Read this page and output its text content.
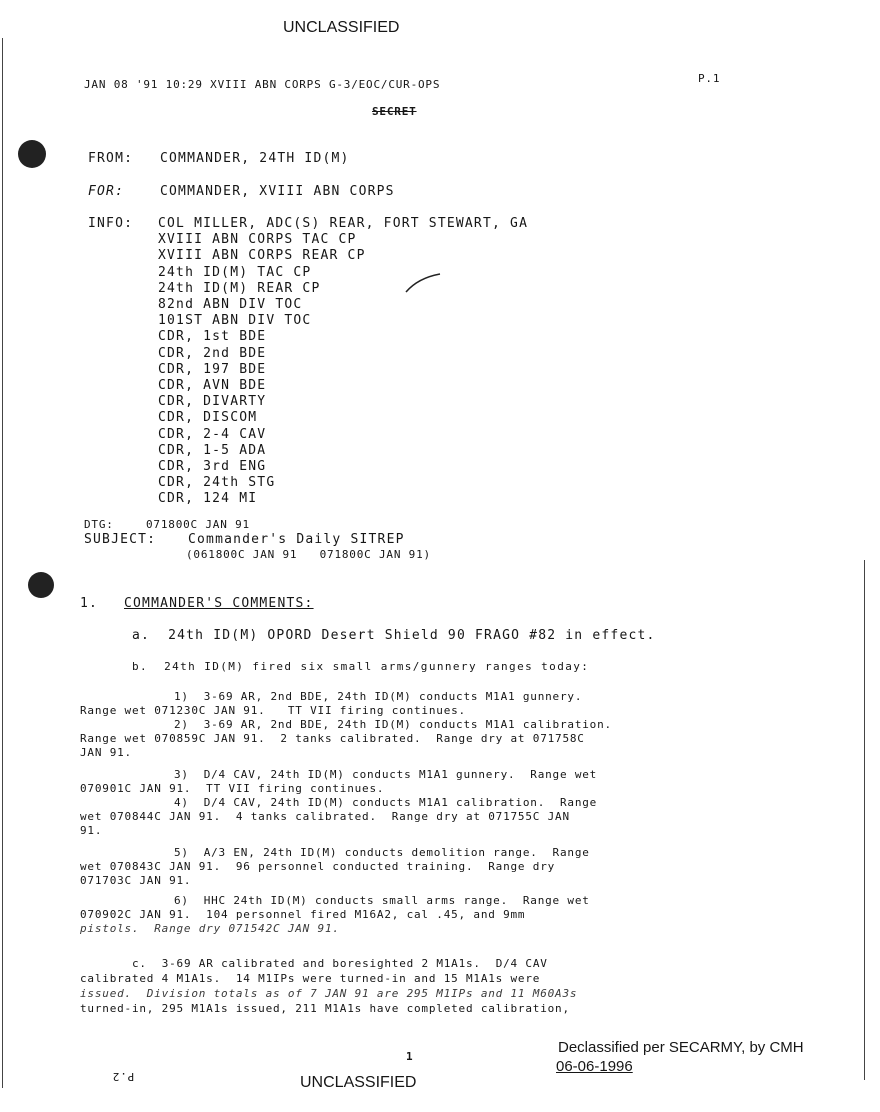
UNCLASSIFIED
JAN 08 '91 10:29 XVIII ABN CORPS G-3/EOC/CUR-OPS	P.1
SECRET
FROM: COMMANDER, 24TH ID(M)
FOR:	COMMANDER, XVIII ABN CORPS
INFO: COL MILLER, ADC(S) REAR, FORT STEWART, GA
XVIII ABN CORPS TAC CP
XVIII ABN CORPS REAR CP
24th ID(M) TAC CP
24th ID(M) REAR CP
82nd ABN DIV TOC
101ST ABN DIV TOC
CDR, 1st BDE
CDR, 2nd BDE
CDR, 197 BDE
CDR, AVN BDE
CDR, DIVARTY
CDR, DISCOM
CDR, 2-4 CAV
CDR, 1-5 ADA
CDR, 3rd ENG
CDR, 24th STG
CDR, 124 MI
DTG:	071800C JAN 91
SUBJECT: Commander's Daily SITREP
(061800C JAN 91   071800C JAN 91)
1. COMMANDER'S COMMENTS:
a.  24th ID(M) OPORD Desert Shield 90 FRAGO #82 in effect.
b.  24th ID(M) fired six small arms/gunnery ranges today:
1)  3-69 AR, 2nd BDE, 24th ID(M) conducts M1A1 gunnery.
Range wet 071230C JAN 91.   TT VII firing continues.
2)  3-69 AR, 2nd BDE, 24th ID(M) conducts M1A1 calibration.
Range wet 070859C JAN 91.  2 tanks calibrated.  Range dry at 071758C
JAN 91.
3)  D/4 CAV, 24th ID(M) conducts M1A1 gunnery.  Range wet
070901C JAN 91.  TT VII firing continues.
4)  D/4 CAV, 24th ID(M) conducts M1A1 calibration.  Range
wet 070844C JAN 91.  4 tanks calibrated.  Range dry at 071755C JAN
91.
5)  A/3 EN, 24th ID(M) conducts demolition range.  Range
wet 070843C JAN 91.  96 personnel conducted training.  Range dry
071703C JAN 91.
6)  HHC 24th ID(M) conducts small arms range.  Range wet
070902C JAN 91.  104 personnel fired M16A2, cal .45, and 9mm
pistols.  Range dry 071542C JAN 91.
c.  3-69 AR calibrated and boresighted 2 M1A1s.  D/4 CAV
calibrated 4 M1A1s.  14 M1IPs were turned-in and 15 M1A1s were
issued.  Division totals as of 7 JAN 91 are 295 M1IPs and 11 M60A3s
turned-in, 295 M1A1s issued, 211 M1A1s have completed calibration,
1
P.2	UNCLASSIFIED
Declassified per SECARMY, by CMH
06-06-1996
